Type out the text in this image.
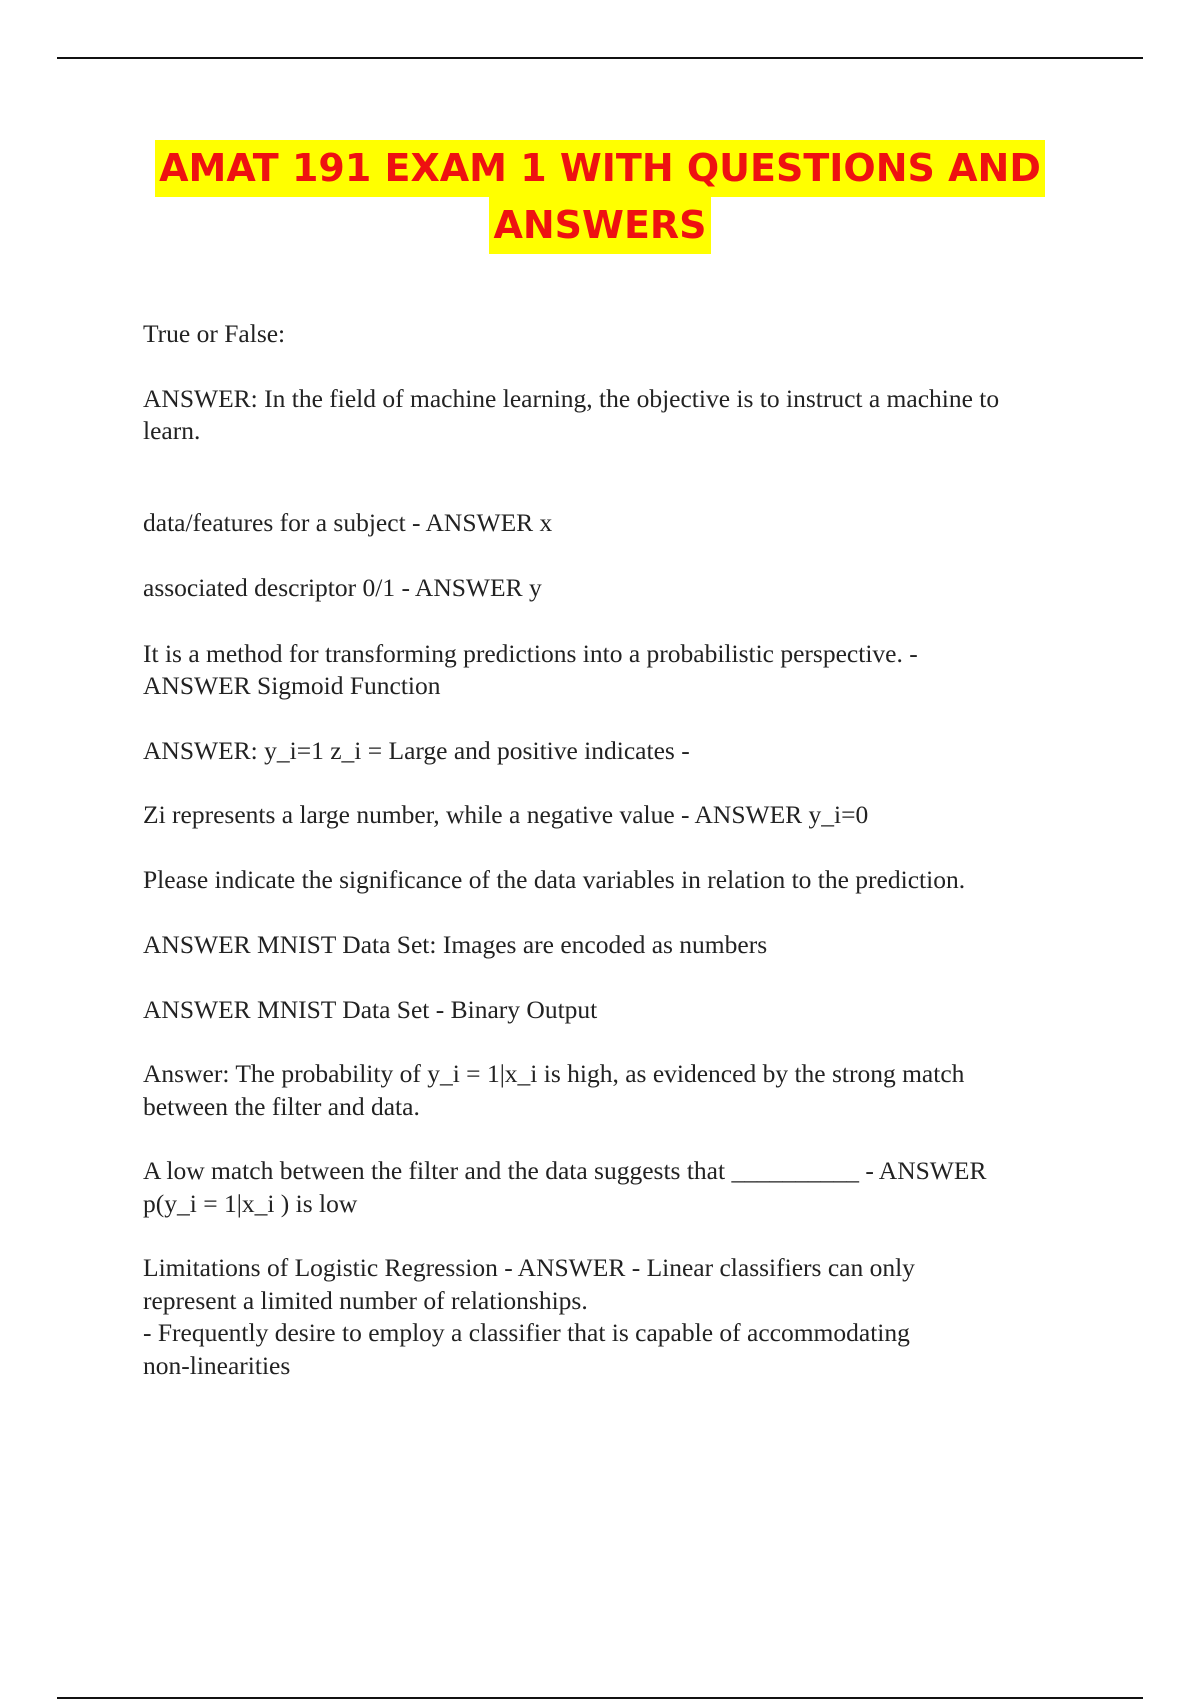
AMAT 191 EXAM 1 WITH QUESTIONS AND
ANSWERS

True or False:

ANSWER: In the field of machine learning, the objective is to instruct a machine to
learn.

data/features for a subject - ANSWER x

associated descriptor 0/1 - ANSWER y

It is a method for transforming predictions into a probabilistic perspective. -
ANSWER Sigmoid Function

ANSWER: y_i=1 z_i = Large and positive indicates -

Zi represents a large number, while a negative value - ANSWER y_i=0

Please indicate the significance of the data variables in relation to the prediction.

ANSWER MNIST Data Set: Images are encoded as numbers

ANSWER MNIST Data Set - Binary Output

Answer: The probability of y_i = 1|x_i is high, as evidenced by the strong match
between the filter and data.

A low match between the filter and the data suggests that __________ - ANSWER
p(y_i = 1|x_i ) is low

Limitations of Logistic Regression - ANSWER - Linear classifiers can only
represent a limited number of relationships.
- Frequently desire to employ a classifier that is capable of accommodating
non-linearities
